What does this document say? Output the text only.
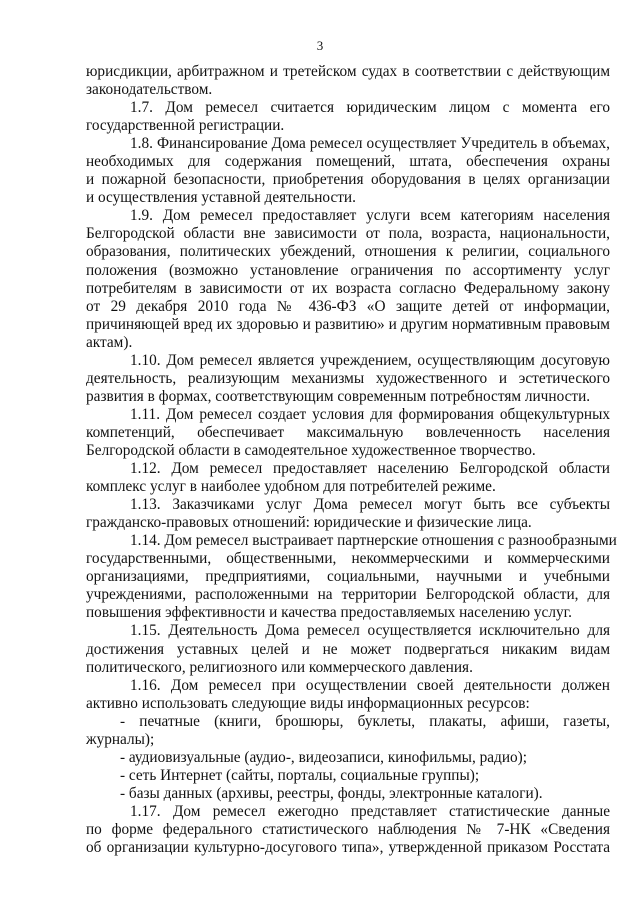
3
юрисдикции, арбитражном и третейском судах в соответствии с действующим
законодательством.
1.7. Дом ремесел считается юридическим лицом с момента его
государственной регистрации.
1.8. Финансирование Дома ремесел осуществляет Учредитель в объемах,
необходимых для содержания помещений, штата, обеспечения охраны
и пожарной безопасности, приобретения оборудования в целях организации
и осуществления уставной деятельности.
1.9. Дом ремесел предоставляет услуги всем категориям населения
Белгородской области вне зависимости от пола, возраста, национальности,
образования, политических убеждений, отношения к религии, социального
положения (возможно установление ограничения по ассортименту услуг
потребителям в зависимости от их возраста согласно Федеральному закону
от 29 декабря 2010 года № 436-ФЗ «О защите детей от информации,
причиняющей вред их здоровью и развитию» и другим нормативным правовым
актам).
1.10. Дом ремесел является учреждением, осуществляющим досуговую
деятельность, реализующим механизмы художественного и эстетического
развития в формах, соответствующим современным потребностям личности.
1.11. Дом ремесел создает условия для формирования общекультурных
компетенций, обеспечивает максимальную вовлеченность населения
Белгородской области в самодеятельное художественное творчество.
1.12. Дом ремесел предоставляет населению Белгородской области
комплекс услуг в наиболее удобном для потребителей режиме.
1.13. Заказчиками услуг Дома ремесел могут быть все субъекты
гражданско-правовых отношений: юридические и физические лица.
1.14. Дом ремесел выстраивает партнерские отношения с разнообразными
государственными, общественными, некоммерческими и коммерческими
организациями, предприятиями, социальными, научными и учебными
учреждениями, расположенными на территории Белгородской области, для
повышения эффективности и качества предоставляемых населению услуг.
1.15. Деятельность Дома ремесел осуществляется исключительно для
достижения уставных целей и не может подвергаться никаким видам
политического, религиозного или коммерческого давления.
1.16. Дом ремесел при осуществлении своей деятельности должен
активно использовать следующие виды информационных ресурсов:
- печатные (книги, брошюры, буклеты, плакаты, афиши, газеты,
журналы);
- аудиовизуальные (аудио-, видеозаписи, кинофильмы, радио);
- сеть Интернет (сайты, порталы, социальные группы);
- базы данных (архивы, реестры, фонды, электронные каталоги).
1.17. Дом ремесел ежегодно представляет статистические данные
по форме федерального статистического наблюдения № 7-НК «Сведения
об организации культурно-досугового типа», утвержденной приказом Росстата
